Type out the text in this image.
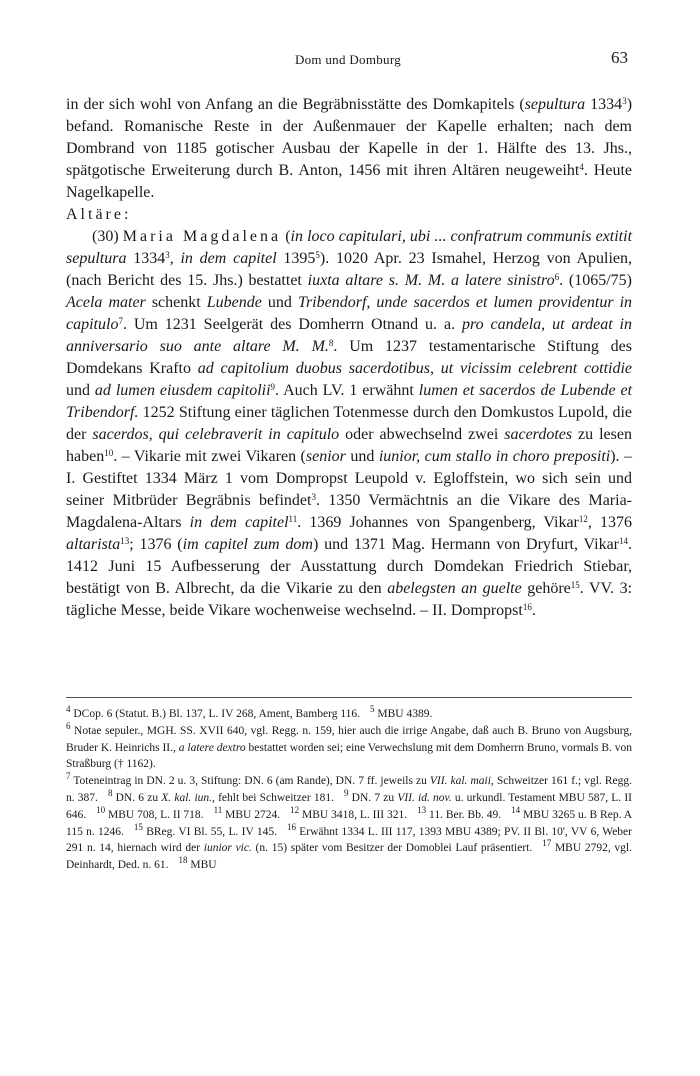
Dom und Domburg	63

in der sich wohl von Anfang an die Begräbnisstätte des Domkapitels (sepultura 1334$^3$) befand. Romanische Reste in der Außenmauer der Kapelle erhalten; nach dem Dombrand von 1185 gotischer Ausbau der Kapelle in der 1. Hälfte des 13. Jhs., spätgotische Erweiterung durch B. Anton, 1456 mit ihren Altären neugeweiht$^4$. Heute Nagelkapelle.

Altäre:

(30) Maria Magdalena (in loco capitulari, ubi ... confratrum communis extitit sepultura 1334$^3$, in dem capitel 1395$^5$). 1020 Apr. 23 Ismahel, Herzog von Apulien, (nach Bericht des 15. Jhs.) bestattet iuxta altare s. M. M. a latere sinistro$^6$. (1065/75) Acela mater schenkt Lubende und Tribendorf, unde sacerdos et lumen providentur in capitulo$^7$. Um 1231 Seelgerät des Domherrn Otnand u. a. pro candela, ut ardeat in anniversario suo ante altare M. M.$^8$. Um 1237 testamentarische Stiftung des Domdekans Krafto ad capitolium duobus sacerdotibus, ut vicissim celebrent cottidie und ad lumen eiusdem capitolii$^9$. Auch LV. 1 erwähnt lumen et sacerdos de Lubende et Tribendorf. 1252 Stiftung einer täglichen Totenmesse durch den Domkustos Lupold, die der sacerdos, qui celebraverit in capitulo oder abwechselnd zwei sacerdotes zu lesen haben$^{10}$. – Vikarie mit zwei Vikaren (senior und iunior, cum stallo in choro prepositi). – I. Gestiftet 1334 März 1 vom Dompropst Leupold v. Egloffstein, wo sich sein und seiner Mitbrüder Begräbnis befindet$^3$. 1350 Vermächtnis an die Vikare des Maria-Magdalena-Altars in dem capitel$^{11}$. 1369 Johannes von Spangenberg, Vikar$^{12}$, 1376 altarista$^{13}$; 1376 (im capitel zum dom) und 1371 Mag. Hermann von Dryfurt, Vikar$^{14}$. 1412 Juni 15 Aufbesserung der Ausstattung durch Domdekan Friedrich Stiebar, bestätigt von B. Albrecht, da die Vikarie zu den abelegsten an guelte gehöre$^{15}$. VV. 3: tägliche Messe, beide Vikare wochenweise wechselnd. – II. Dompropst$^{16}$.

$^4$ DCop. 6 (Statut. B.) Bl. 137, L. IV 268, Ament, Bamberg 116. $^5$ MBU 4389.

$^6$ Notae sepuler., MGH. SS. XVII 640, vgl. Regg. n. 159, hier auch die irrige Angabe, daß auch B. Bruno von Augsburg, Bruder K. Heinrichs II., a latere dextro bestattet worden sei; eine Verwechslung mit dem Domherrn Bruno, vormals B. von Straßburg († 1162).

$^7$ Toteneintrag in DN. 2 u. 3, Stiftung: DN. 6 (am Rande), DN. 7 ff. jeweils zu VII. kal. maii, Schweitzer 161 f.; vgl. Regg. n. 387. $^8$ DN. 6 zu X. kal. iun., fehlt bei Schweitzer 181. $^9$ DN. 7 zu VII. id. nov. u. urkundl. Testament MBU 587, L. II 646. $^{10}$ MBU 708, L. II 718. $^{11}$ MBU 2724. $^{12}$ MBU 3418, L. III 321. $^{13}$ 11. Ber. Bb. 49. $^{14}$ MBU 3265 u. B Rep. A 115 n. 1246. $^{15}$ BReg. VI Bl. 55, L. IV 145. $^{16}$ Erwähnt 1334 L. III 117, 1393 MBU 4389; PV. II Bl. 10', VV 6, Weber 291 n. 14, hiernach wird der iunior vic. (n. 15) später vom Besitzer der Domoblei Lauf präsentiert. $^{17}$ MBU 2792, vgl. Deinhardt, Ded. n. 61. $^{18}$ MBU
